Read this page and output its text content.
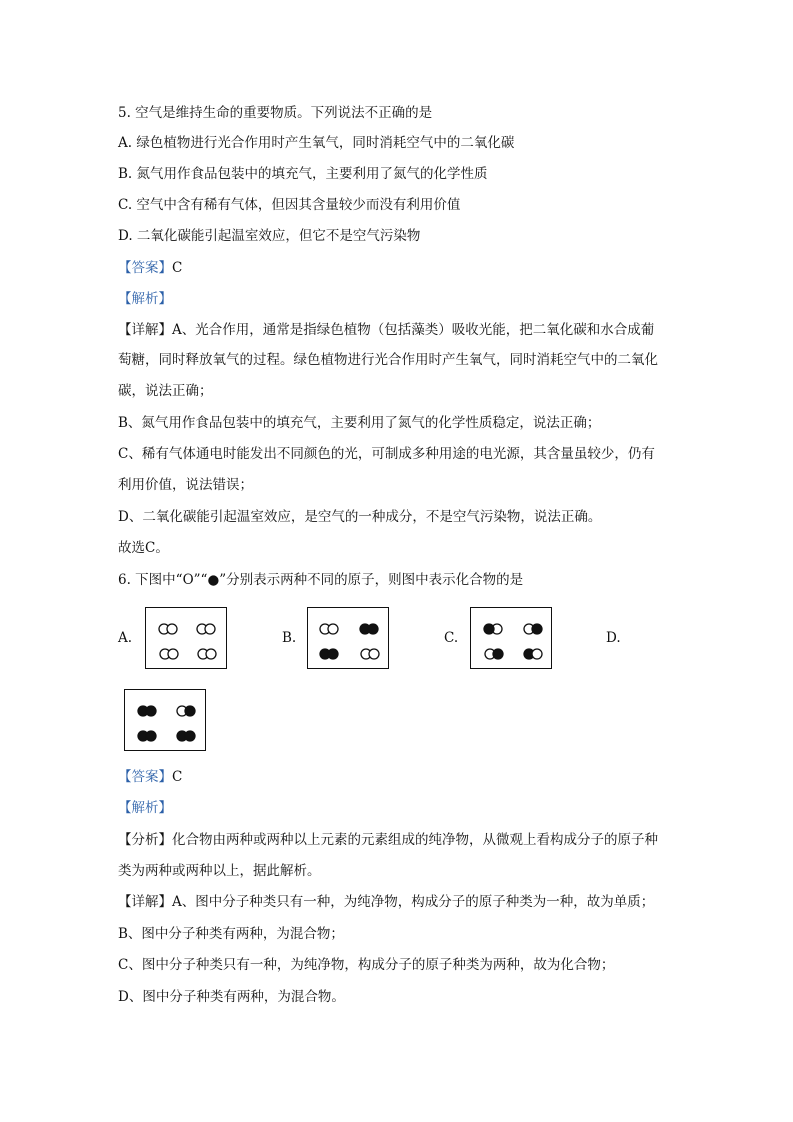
5. 空气是维持生命的重要物质。下列说法不正确的是
A. 绿色植物进行光合作用时产生氧气，同时消耗空气中的二氧化碳
B. 氮气用作食品包装中的填充气，主要利用了氮气的化学性质
C. 空气中含有稀有气体，但因其含量较少而没有利用价值
D. 二氧化碳能引起温室效应，但它不是空气污染物
【答案】C
【解析】
【详解】A、光合作用，通常是指绿色植物（包括藻类）吸收光能，把二氧化碳和水合成葡
萄糖，同时释放氧气的过程。绿色植物进行光合作用时产生氧气，同时消耗空气中的二氧化
碳，说法正确；
B、氮气用作食品包装中的填充气，主要利用了氮气的化学性质稳定，说法正确；
C、稀有气体通电时能发出不同颜色的光，可制成多种用途的电光源，其含量虽较少，仍有
利用价值，说法错误；
D、二氧化碳能引起温室效应，是空气的一种成分，不是空气污染物，说法正确。
故选C。
6. 下图中“O”“●”分别表示两种不同的原子，则图中表示化合物的是
A.	B.	C.	D.
【答案】C
【解析】
【分析】化合物由两种或两种以上元素的元素组成的纯净物，从微观上看构成分子的原子种
类为两种或两种以上，据此解析。
【详解】A、图中分子种类只有一种，为纯净物，构成分子的原子种类为一种，故为单质；
B、图中分子种类有两种，为混合物；
C、图中分子种类只有一种，为纯净物，构成分子的原子种类为两种，故为化合物；
D、图中分子种类有两种，为混合物。
